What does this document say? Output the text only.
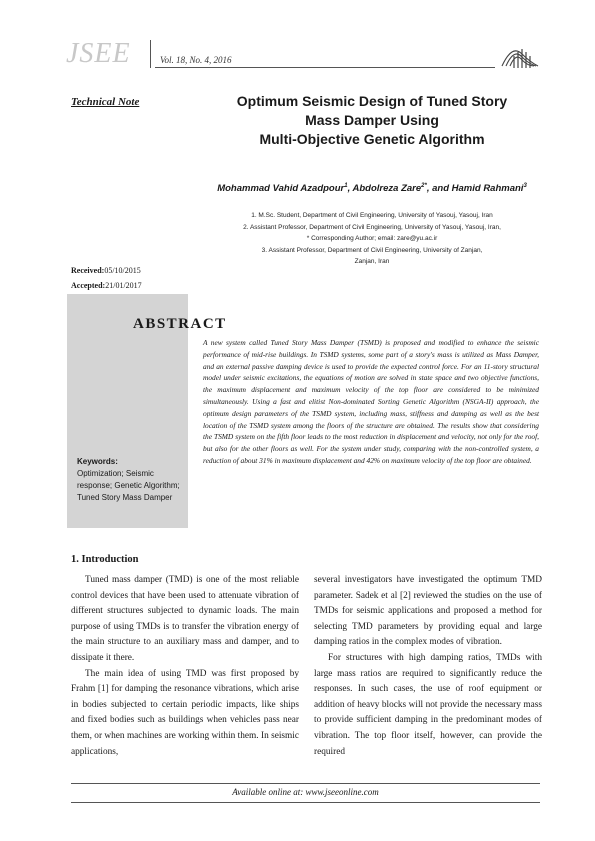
JSEE	Vol. 18, No. 4, 2016
Technical Note	Optimum Seismic Design of Tuned Story
Mass Damper Using
Multi-Objective Genetic Algorithm
Mohammad Vahid Azadpour$^1$, Abdolreza Zare$^{2*}$, and Hamid Rahmani$^3$
1. M.Sc. Student, Department of Civil Engineering, University of Yasouj, Yasouj, Iran
2. Assistant Professor, Department of Civil Engineering, University of Yasouj, Yasouj, Iran,
* Corresponding Author; email: zare@yu.ac.ir
3. Assistant Professor, Department of Civil Engineering, University of Zanjan,
Zanjan, Iran
Received:05/10/2015
Accepted:21/01/2017
ABSTRACT
A new system called Tuned Story Mass Damper (TSMD) is proposed and modified to enhance the seismic performance of mid-rise buildings. In TSMD systems, some part of a story's mass is utilized as Mass Damper, and an external passive damping device is used to provide the expected control force. For an 11-story structural model under seismic excitations, the equations of motion are solved in state space and two objective functions, the maximum displacement and maximum velocity of the top floor are considered to be minimized simultaneously. Using a fast and elitist Non-dominated Sorting Genetic Algorithm (NSGA-II) approach, the optimum design parameters of the TSMD system, including mass, stiffness and damping as well as the best location of the TSMD system among the floors of the structure are obtained. The results show that considering the TSMD system on the fifth floor leads to the most reduction in displacement and velocity, not only for the roof, but also for the other floors as well. For the system under study, comparing with the non-controlled system, a reduction of about 31% in maximum displacement and 42% on maximum velocity of the top floor are obtained.
Keywords:
Optimization; Seismic response; Genetic Algorithm; Tuned Story Mass Damper
1. Introduction

Tuned mass damper (TMD) is one of the most reliable control devices that have been used to attenuate vibration of different structures subjected to dynamic loads. The main purpose of using TMDs is to transfer the vibration energy of the main structure to an auxiliary mass and damper, and to dissipate it there.

The main idea of using TMD was first proposed by Frahm [1] for damping the resonance vibrations, which arise in bodies subjected to certain periodic impacts, like ships and fixed bodies such as buildings when vehicles pass near them, or when machines are working within them. In seismic applications,

several investigators have investigated the optimum TMD parameter. Sadek et al [2] reviewed the studies on the use of TMDs for seismic applications and proposed a method for selecting TMD parameters by providing equal and large damping ratios in the complex modes of vibration.

For structures with high damping ratios, TMDs with large mass ratios are required to significantly reduce the responses. In such cases, the use of roof equipment or addition of heavy blocks will not provide the necessary mass to provide sufficient damping in the predominant modes of vibration. The top floor itself, however, can provide the required

Available online at: www.jseeonline.com
